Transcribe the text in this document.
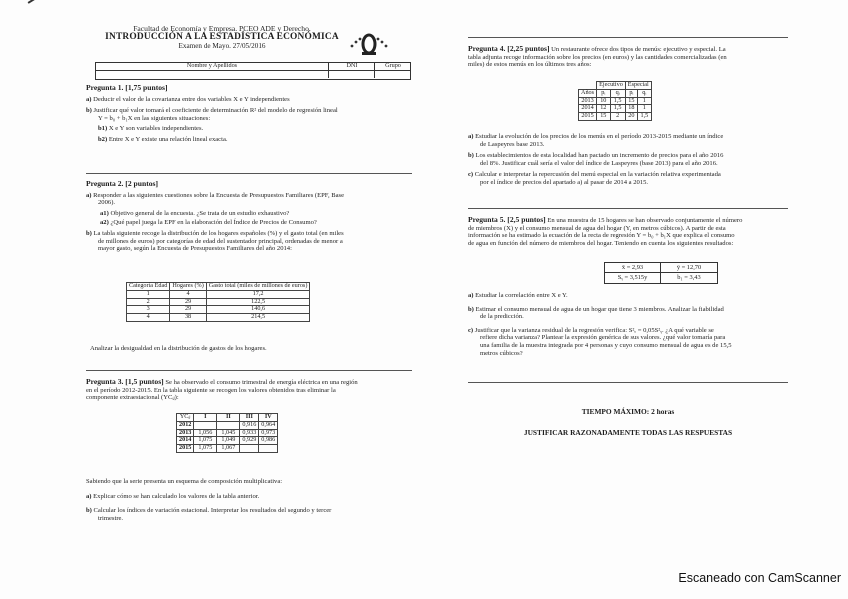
Facultad de Economía y Empresa. PCEO ADE y Derecho.
INTRODUCCIÓN A LA ESTADÍSTICA ECONÓMICA
Examen de Mayo. 27/05/2016
Nombre y Apellidos	DNI	Grupo
Pregunta 1. [1,75 puntos]
a) Deducir el valor de la covarianza entre dos variables X e Y independientes
b) Justificar qué valor tomará el coeficiente de determinación R² del modelo de regresión lineal
Y = b₀ + b₁X en las siguientes situaciones:
b1) X e Y son variables independientes.
b2) Entre X e Y existe una relación lineal exacta.
Pregunta 2. [2 puntos]
a) Responder a las siguientes cuestiones sobre la Encuesta de Presupuestos Familiares (EPF, Base
2006).
a1) Objetivo general de la encuesta. ¿Se trata de un estudio exhaustivo?
a2) ¿Qué papel juega la EPF en la elaboración del Índice de Precios de Consumo?
b) La tabla siguiente recoge la distribución de los hogares españoles (%) y el gasto total (en miles
de millones de euros) por categorías de edad del sustentador principal, ordenadas de menor a
mayor gasto, según la Encuesta de Presupuestos Familiares del año 2014:
Categoría Edad	Hogares (%)	Gasto total (miles de millones de euros)
1	4	17,2
2	29	122,5
3	29	140,6
4	38	214,5
Analizar la desigualdad en la distribución de gastos de los hogares.
Pregunta 3. [1,5 puntos] Se ha observado el consumo trimestral de energía eléctrica en una región
en el período 2012-2015. En la tabla siguiente se recogen los valores obtenidos tras eliminar la
componente extraestacional (YCᵢⱼ):
YCᵢⱼ	I	II	III	IV
2012			0,916	0,964
2013	1,056	1,045	0,933	0,973
2014	1,075	1,049	0,929	0,986
2015	1,075	1,067		
Sabiendo que la serie presenta un esquema de composición multiplicativa:
a) Explicar cómo se han calculado los valores de la tabla anterior.
b) Calcular los índices de variación estacional. Interpretar los resultados del segundo y tercer
trimestre.
Pregunta 4. [2,25 puntos] Un restaurante ofrece dos tipos de menús: ejecutivo y especial. La
tabla adjunta recoge información sobre los precios (en euros) y las cantidades comercializadas (en
miles) de estos menús en los últimos tres años:
	Ejecutivo		Especial	
Años	pᵢ	qᵢ	pᵢ	qᵢ
2013	10	1,5	15	1
2014	12	1,5	18	1
2015	15	2	20	1,5
a) Estudiar la evolución de los precios de los menús en el período 2013-2015 mediante un índice
de Laspeyres base 2013.
b) Los establecimientos de esta localidad han pactado un incremento de precios para el año 2016
del 8%. Justificar cuál sería el valor del índice de Laspeyres (base 2013) para el año 2016.
c) Calcular e interpretar la repercusión del menú especial en la variación relativa experimentada
por el índice de precios del apartado a) al pasar de 2014 a 2015.
Pregunta 5. [2,5 puntos] En una muestra de 15 hogares se han observado conjuntamente el número
de miembros (X) y el consumo mensual de agua del hogar (Y, en metros cúbicos). A partir de esta
información se ha estimado la ecuación de la recta de regresión Y = b₀ + b₁X que explica el consumo
de agua en función del número de miembros del hogar. Teniendo en cuenta los siguientes resultados:
x̄ = 2,93	ȳ = 12,70
Sᵧ = 3,515y	b₁ = 3,43
a) Estudiar la correlación entre X e Y.
b) Estimar el consumo mensual de agua de un hogar que tiene 3 miembros. Analizar la fiabilidad
de la predicción.
c) Justificar que la varianza residual de la regresión verifica: S²ₑ = 0,05S²ᵧ. ¿A qué variable se
refiere dicha varianza? Plantear la expresión genérica de sus valores. ¿qué valor tomaría para
una familia de la muestra integrada por 4 personas y cuyo consumo mensual de agua es de 15,5
metros cúbicos?
TIEMPO MÁXIMO: 2 horas
JUSTIFICAR RAZONADAMENTE TODAS LAS RESPUESTAS
Escaneado con CamScanner
